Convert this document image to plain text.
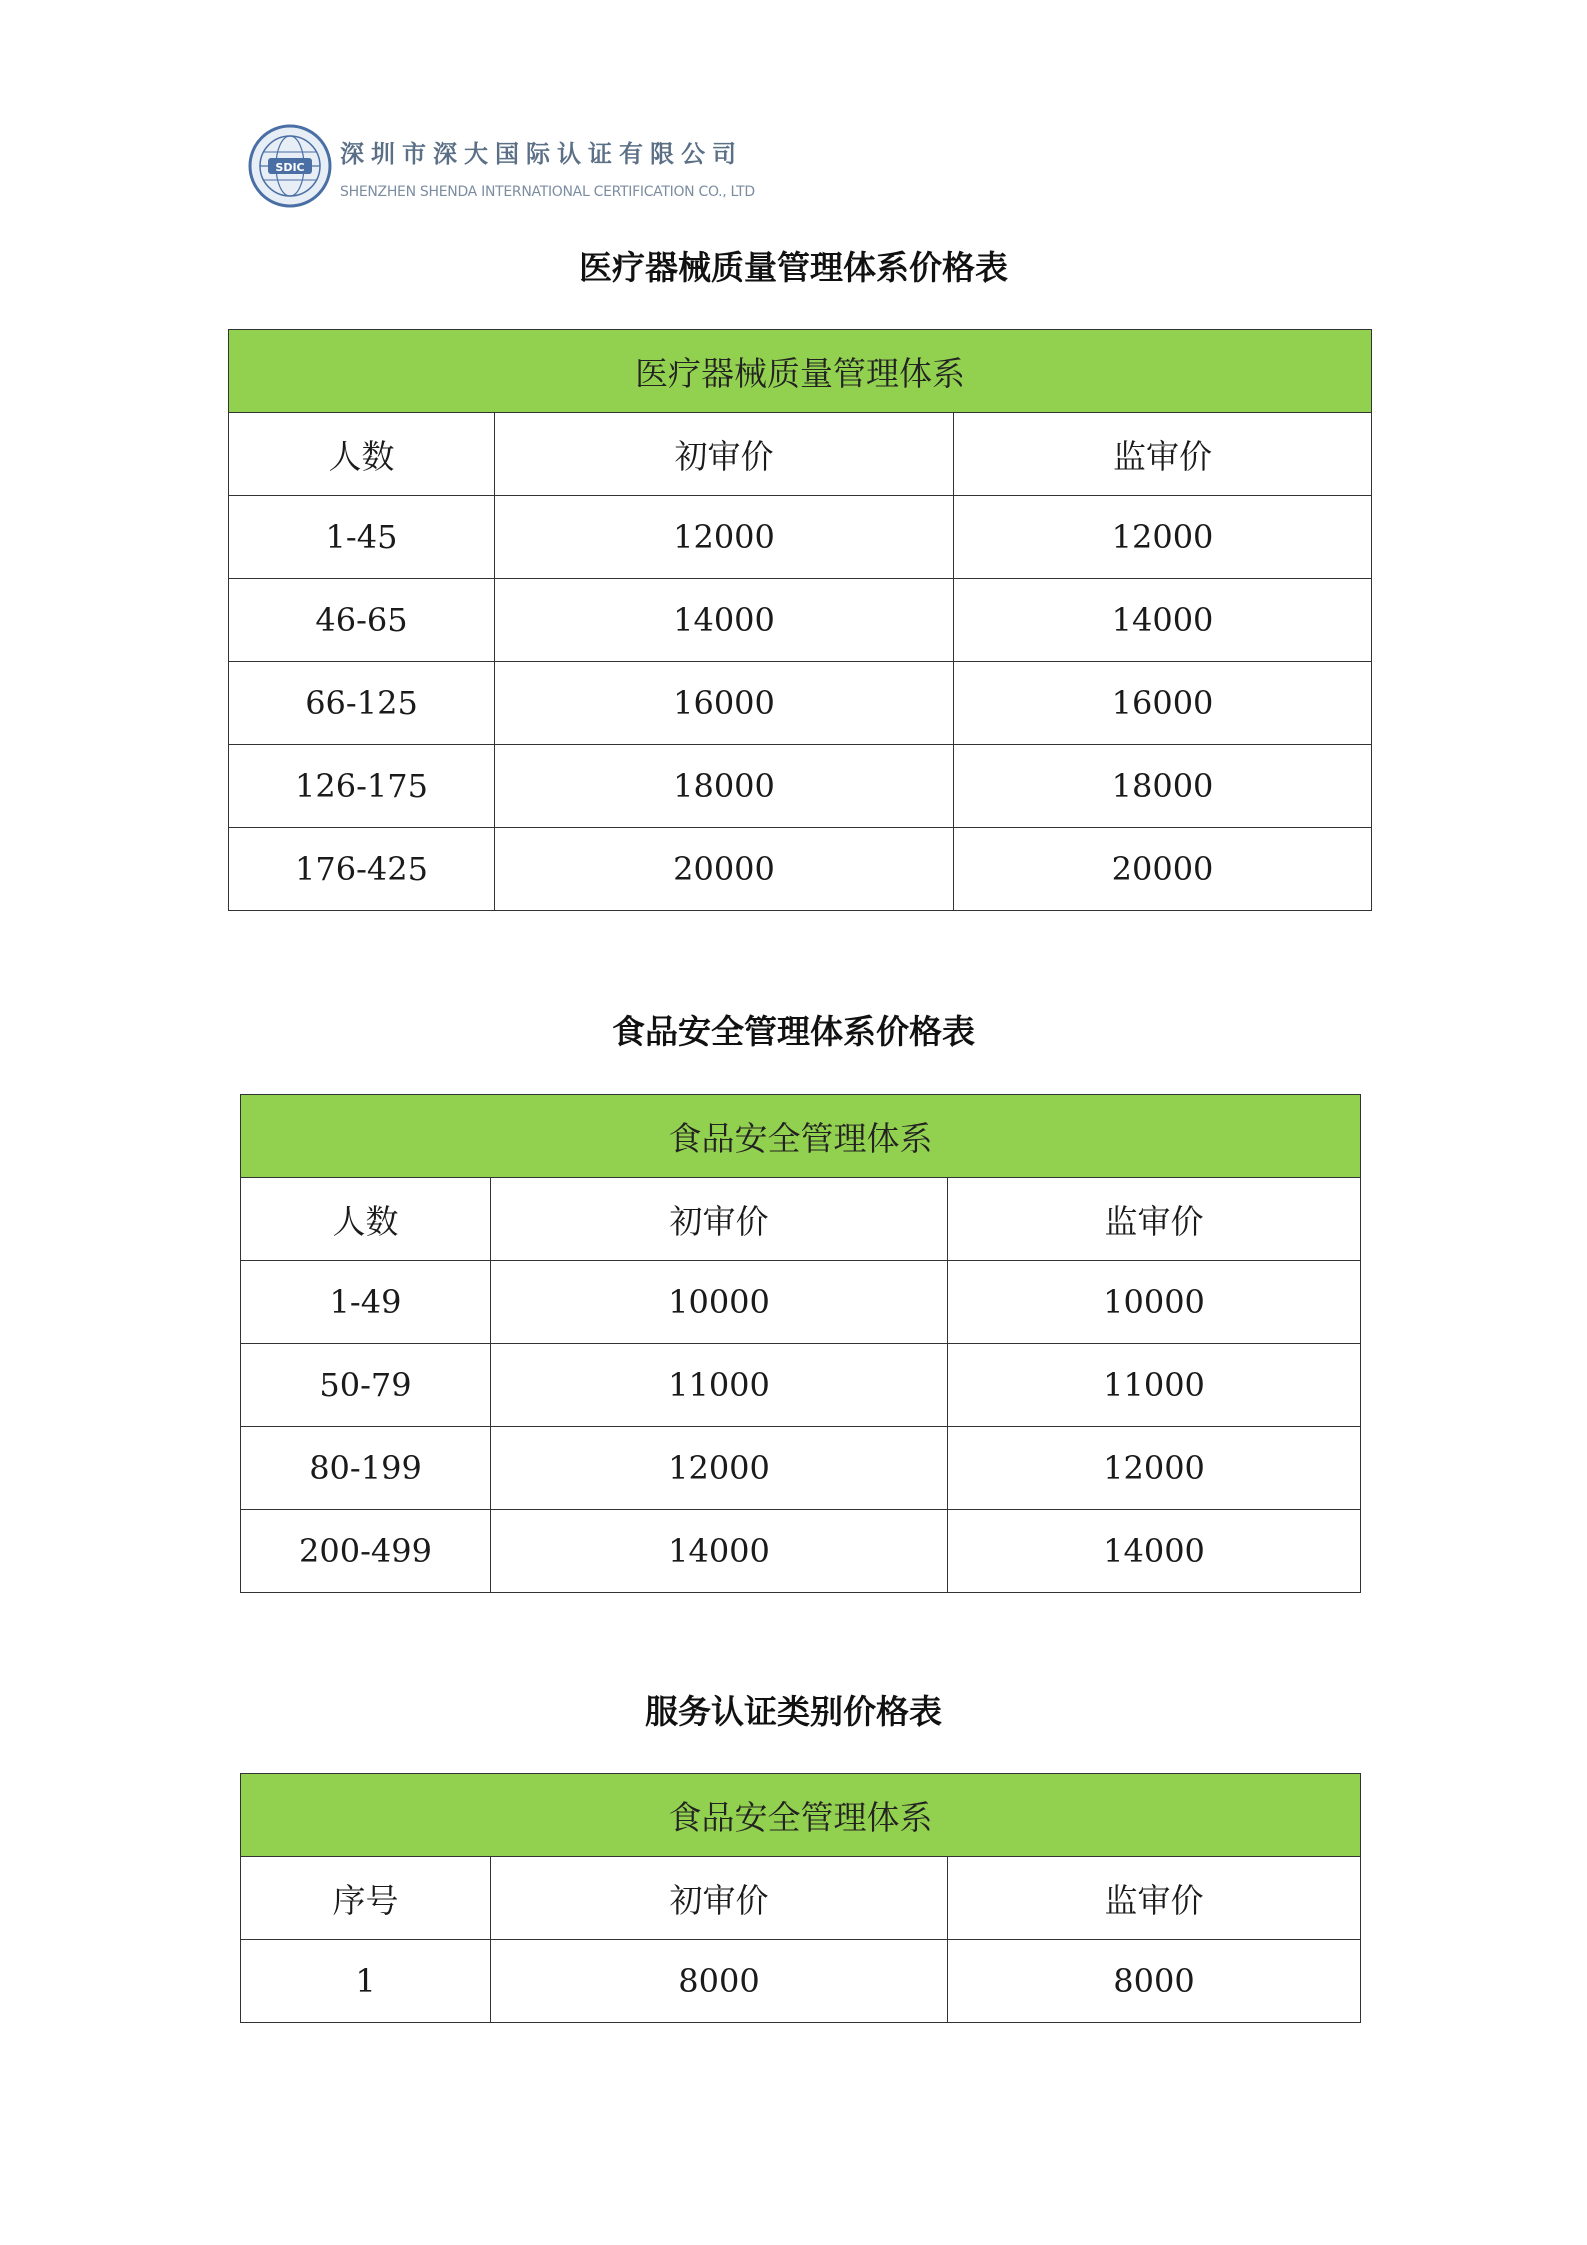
SDIC 深圳市深大国际认证有限公司
SHENZHEN SHENDA INTERNATIONAL CERTIFICATION CO., LTD
医疗器械质量管理体系价格表
医疗器械质量管理体系		
人数	初审价	监审价
1-45	12000	12000
46-65	14000	14000
66-125	16000	16000
126-175	18000	18000
176-425	20000	20000
食品安全管理体系价格表
食品安全管理体系		
人数	初审价	监审价
1-49	10000	10000
50-79	11000	11000
80-199	12000	12000
200-499	14000	14000
服务认证类别价格表
食品安全管理体系		
序号	初审价	监审价
1	8000	8000
